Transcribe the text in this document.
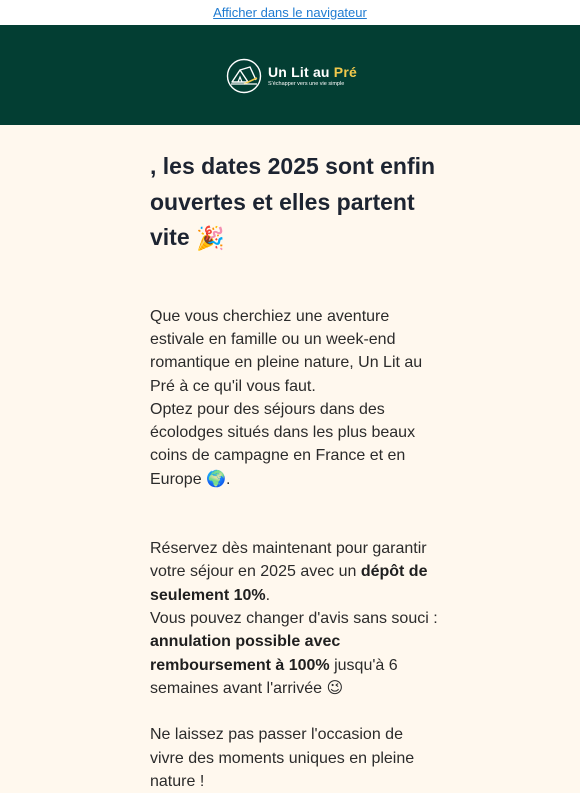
Afficher dans le navigateur
Un Lit au Pré
S'échapper vers une vie simple
, les dates 2025 sont enfin ouvertes et elles partent vite 🎉

Que vous cherchiez une aventure estivale en famille ou un week-end romantique en pleine nature, Un Lit au Pré à ce qu'il vous faut.
Optez pour des séjours dans des écolodges situés dans les plus beaux coins de campagne en France et en Europe 🌍.

Réservez dès maintenant pour garantir votre séjour en 2025 avec un dépôt de seulement 10%.
Vous pouvez changer d'avis sans souci : annulation possible avec remboursement à 100% jusqu'à 6 semaines avant l'arrivée 😉

Ne laissez pas passer l'occasion de vivre des moments uniques en pleine nature !
